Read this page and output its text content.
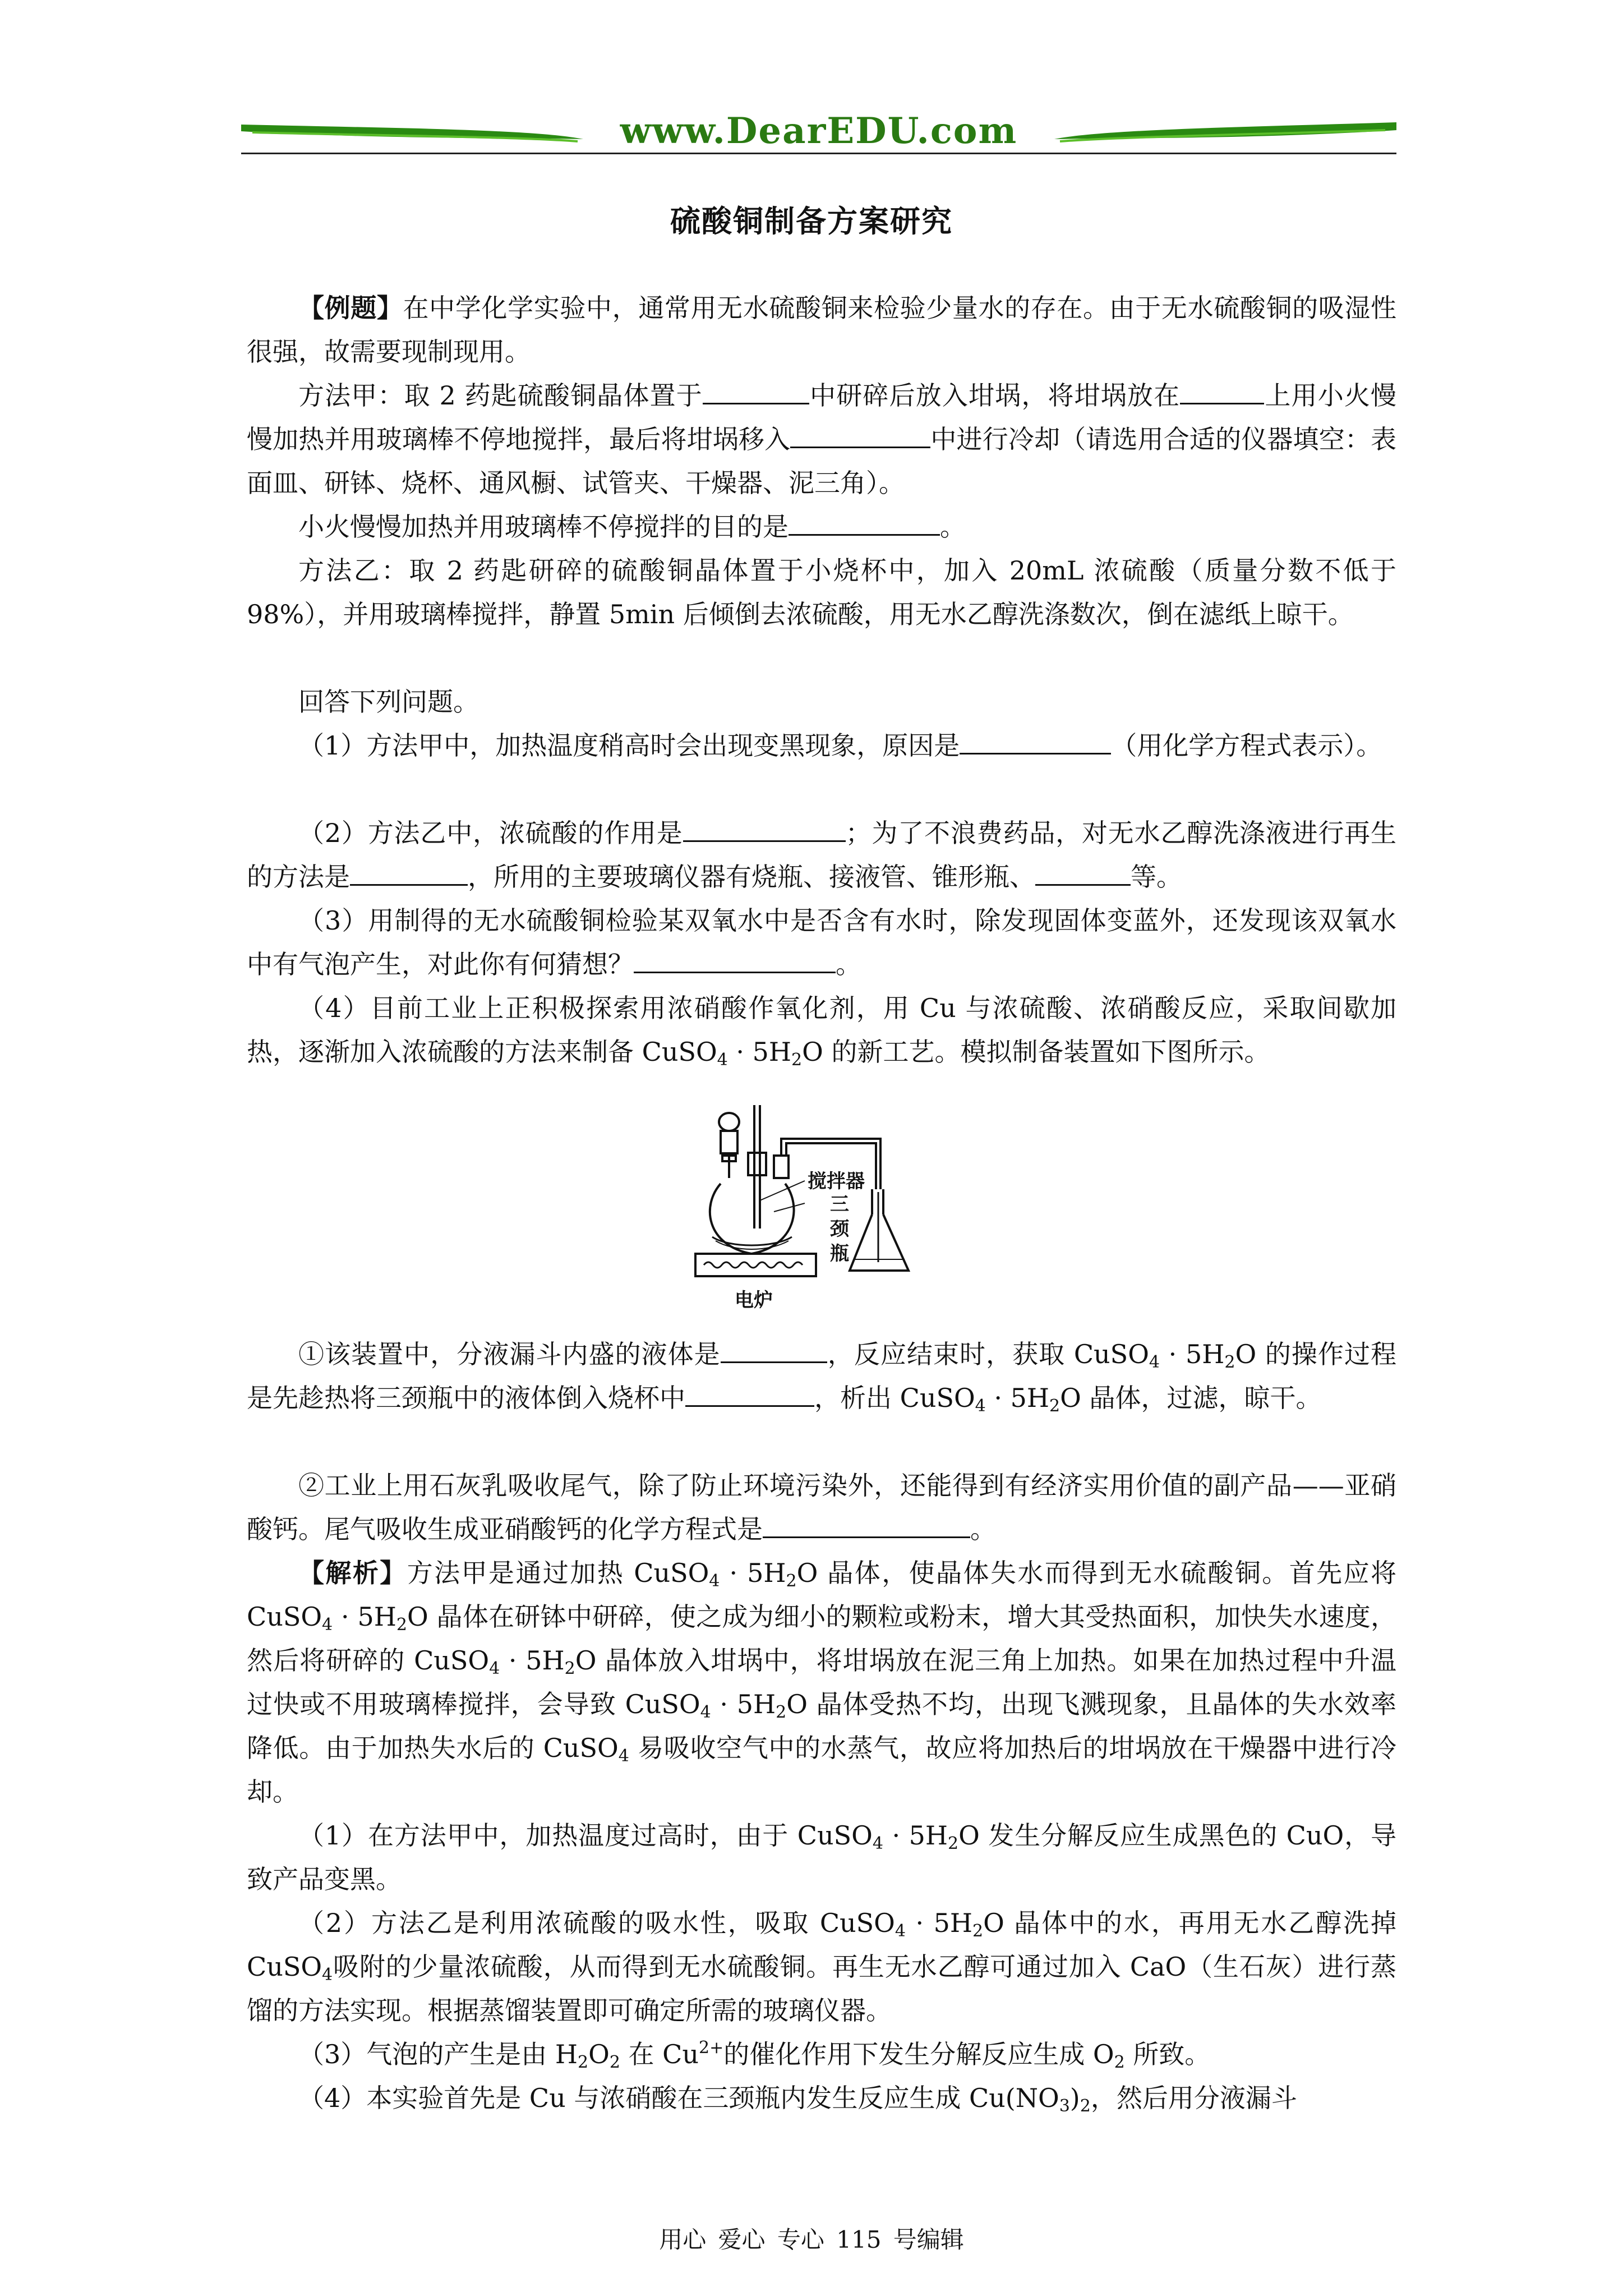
www.DearEDU.com
硫酸铜制备方案研究
【例题】在中学化学实验中，通常用无水硫酸铜来检验少量水的存在。由于无水硫酸铜的吸湿性很强，故需要现制现用。
方法甲：取 2 药匙硫酸铜晶体置于	中研碎后放入坩埚，将坩埚放在	上用小火慢慢加热并用玻璃棒不停地搅拌，最后将坩埚移入	中进行冷却（请选用合适的仪器填空：表面皿、研钵、烧杯、通风橱、试管夹、干燥器、泥三角）。
小火慢慢加热并用玻璃棒不停搅拌的目的是	。
方法乙：取 2 药匙研碎的硫酸铜晶体置于小烧杯中，加入 20mL 浓硫酸（质量分数不低于 98%），并用玻璃棒搅拌，静置 5min 后倾倒去浓硫酸，用无水乙醇洗涤数次，倒在滤纸上晾干。
回答下列问题。
（1）方法甲中，加热温度稍高时会出现变黑现象，原因是	（用化学方程式表示）。
（2）方法乙中，浓硫酸的作用是	；为了不浪费药品，对无水乙醇洗涤液进行再生的方法是	，所用的主要玻璃仪器有烧瓶、接液管、锥形瓶、	等。
（3）用制得的无水硫酸铜检验某双氧水中是否含有水时，除发现固体变蓝外，还发现该双氧水中有气泡产生，对此你有何猜想？	。
（4）目前工业上正积极探索用浓硝酸作氧化剂，用 Cu 与浓硫酸、浓硝酸反应，采取间歇加热，逐渐加入浓硫酸的方法来制备 CuSO$_4$ · $5H_2O$ 的新工艺。模拟制备装置如下图所示。
搅拌器
三颈瓶
电炉
①该装置中，分液漏斗内盛的液体是	，反应结束时，获取 CuSO$_4$ · $5H_2O$ 的操作过程是先趁热将三颈瓶中的液体倒入烧杯中	，析出 CuSO$_4$ · $5H_2O$ 晶体，过滤，晾干。
②工业上用石灰乳吸收尾气，除了防止环境污染外，还能得到有经济实用价值的副产品——亚硝酸钙。尾气吸收生成亚硝酸钙的化学方程式是	。
【解析】方法甲是通过加热 CuSO$_4$ · $5H_2O$ 晶体，使晶体失水而得到无水硫酸铜。首先应将 CuSO$_4$ · $5H_2O$ 晶体在研钵中研碎，使之成为细小的颗粒或粉末，增大其受热面积，加快失水速度，然后将研碎的 CuSO$_4$ · $5H_2O$ 晶体放入坩埚中，将坩埚放在泥三角上加热。如果在加热过程中升温过快或不用玻璃棒搅拌，会导致 CuSO$_4$ · $5H_2O$ 晶体受热不均，出现飞溅现象，且晶体的失水效率降低。由于加热失水后的 CuSO$_4$ 易吸收空气中的水蒸气，故应将加热后的坩埚放在干燥器中进行冷却。
（1）在方法甲中，加热温度过高时，由于 CuSO$_4$ · $5H_2O$ 发生分解反应生成黑色的 CuO，导致产品变黑。
（2）方法乙是利用浓硫酸的吸水性，吸取 CuSO$_4$ · $5H_2O$ 晶体中的水，再用无水乙醇洗掉 CuSO$_4$吸附的少量浓硫酸，从而得到无水硫酸铜。再生无水乙醇可通过加入 CaO（生石灰）进行蒸馏的方法实现。根据蒸馏装置即可确定所需的玻璃仪器。
（3）气泡的产生是由 $H_2O_2$ 在 $Cu^{2+}$的催化作用下发生分解反应生成 $O_2$ 所致。
（4）本实验首先是 Cu 与浓硝酸在三颈瓶内发生反应生成 $Cu(NO_3)_2$，然后用分液漏斗
用心 爱心 专心 115 号编辑
